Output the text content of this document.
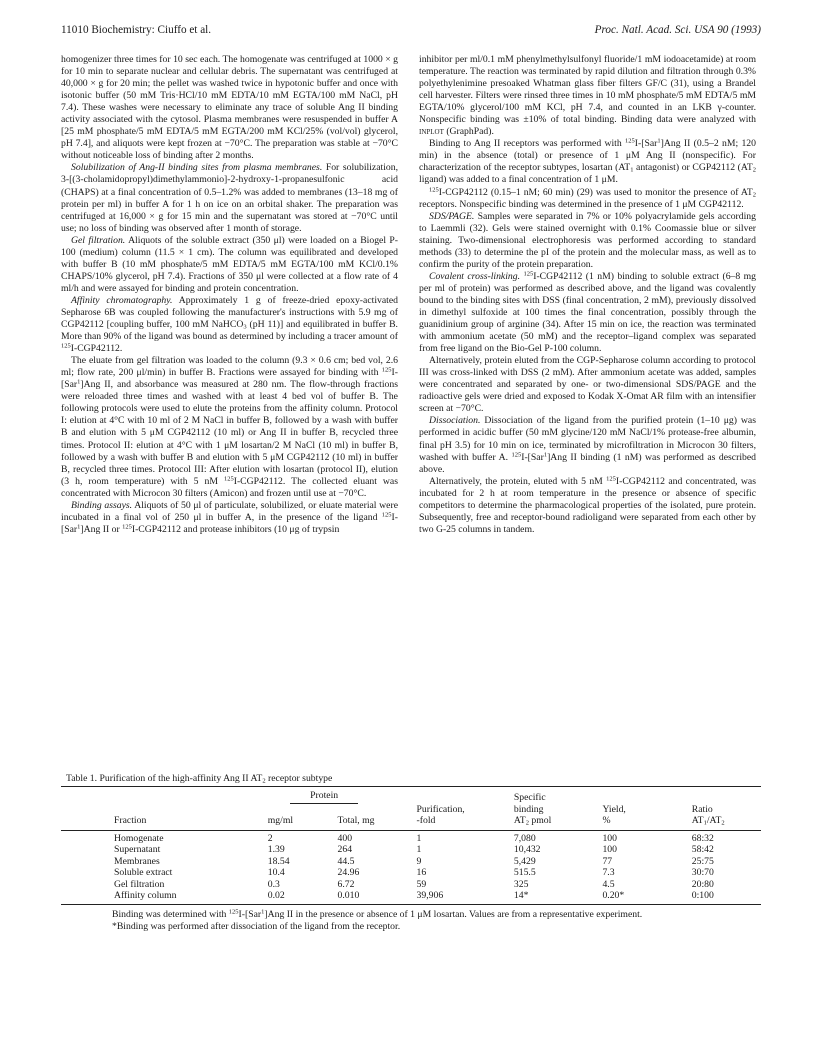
11010 Biochemistry: Ciuffo et al.	Proc. Natl. Acad. Sci. USA 90 (1993)

homogenizer three times for 10 sec each. The homogenate was centrifuged at 1000 × g for 10 min to separate nuclear and cellular debris. The supernatant was centrifuged at 40,000 × g for 20 min; the pellet was washed twice in hypotonic buffer and once with isotonic buffer (50 mM Tris·HCl/10 mM EDTA/10 mM EGTA/100 mM NaCl, pH 7.4). These washes were necessary to eliminate any trace of soluble Ang II binding activity associated with the cytosol. Plasma membranes were resuspended in buffer A [25 mM phosphate/5 mM EDTA/5 mM EGTA/200 mM KCl/25% (vol/vol) glycerol, pH 7.4], and aliquots were kept frozen at −70°C. The preparation was stable at −70°C without noticeable loss of binding after 2 months.

Solubilization of Ang-II binding sites from plasma membranes. For solubilization, 3-[(3-cholamidopropyl)dimethylammonio]-2-hydroxy-1-propanesulfonic acid (CHAPS) at a final concentration of 0.5–1.2% was added to membranes (13–18 mg of protein per ml) in buffer A for 1 h on ice on an orbital shaker. The preparation was centrifuged at 16,000 × g for 15 min and the supernatant was stored at −70°C until use; no loss of binding was observed after 1 month of storage.

Gel filtration. Aliquots of the soluble extract (350 μl) were loaded on a Biogel P-100 (medium) column (11.5 × 1 cm). The column was equilibrated and developed with buffer B (10 mM phosphate/5 mM EDTA/5 mM EGTA/100 mM KCl/0.1% CHAPS/10% glycerol, pH 7.4). Fractions of 350 μl were collected at a flow rate of 4 ml/h and were assayed for binding and protein concentration.

Affinity chromatography. Approximately 1 g of freeze-dried epoxy-activated Sepharose 6B was coupled following the manufacturer's instructions with 5.9 mg of CGP42112 [coupling buffer, 100 mM NaHCO$_3$ (pH 11)] and equilibrated in buffer B. More than 90% of the ligand was bound as determined by including a tracer amount of $^{125}$I-CGP42112.

The eluate from gel filtration was loaded to the column (9.3 × 0.6 cm; bed vol, 2.6 ml; flow rate, 200 μl/min) in buffer B. Fractions were assayed for binding with $^{125}$I-[Sar$^1$]Ang II, and absorbance was measured at 280 nm. The flow-through fractions were reloaded three times and washed with at least 4 bed vol of buffer B. The following protocols were used to elute the proteins from the affinity column. Protocol I: elution at 4°C with 10 ml of 2 M NaCl in buffer B, followed by a wash with buffer B and elution with 5 μM CGP42112 (10 ml) or Ang II in buffer B, recycled three times. Protocol II: elution at 4°C with 1 μM losartan/2 M NaCl (10 ml) in buffer B, followed by a wash with buffer B and elution with 5 μM CGP42112 (10 ml) in buffer B, recycled three times. Protocol III: After elution with losartan (protocol II), elution (3 h, room temperature) with 5 nM $^{125}$I-CGP42112. The collected eluant was concentrated with Microcon 30 filters (Amicon) and frozen until use at −70°C.

Binding assays. Aliquots of 50 μl of particulate, solubilized, or eluate material were incubated in a final vol of 250 μl in buffer A, in the presence of the ligand $^{125}$I-[Sar$^1$]Ang II or $^{125}$I-CGP42112 and protease inhibitors (10 μg of trypsin

inhibitor per ml/0.1 mM phenylmethylsulfonyl fluoride/1 mM iodoacetamide) at room temperature. The reaction was terminated by rapid dilution and filtration through 0.3% polyethylenimine presoaked Whatman glass fiber filters GF/C (31), using a Brandel cell harvester. Filters were rinsed three times in 10 mM phosphate/5 mM EDTA/5 mM EGTA/10% glycerol/100 mM KCl, pH 7.4, and counted in an LKB γ-counter. Nonspecific binding was ±10% of total binding. Binding data were analyzed with inplot (GraphPad).

Binding to Ang II receptors was performed with $^{125}$I-[Sar$^1$]Ang II (0.5–2 nM; 120 min) in the absence (total) or presence of 1 μM Ang II (nonspecific). For characterization of the receptor subtypes, losartan ($AT_1$ antagonist) or CGP42112 ($AT_2$ ligand) was added to a final concentration of 1 μM.

$^{125}$I-CGP42112 (0.15–1 nM; 60 min) (29) was used to monitor the presence of $AT_2$ receptors. Nonspecific binding was determined in the presence of 1 μM CGP42112.

SDS/PAGE. Samples were separated in 7% or 10% polyacrylamide gels according to Laemmli (32). Gels were stained overnight with 0.1% Coomassie blue or silver staining. Two-dimensional electrophoresis was performed according to standard methods (33) to determine the pI of the protein and the molecular mass, as well as to confirm the purity of the protein preparation.

Covalent cross-linking. $^{125}$I-CGP42112 (1 nM) binding to soluble extract (6–8 mg per ml of protein) was performed as described above, and the ligand was covalently bound to the binding sites with DSS (final concentration, 2 mM), previously dissolved in dimethyl sulfoxide at 100 times the final concentration, possibly through the guanidinium group of arginine (34). After 15 min on ice, the reaction was terminated with ammonium acetate (50 mM) and the receptor–ligand complex was separated from free ligand on the Bio-Gel P-100 column.

Alternatively, protein eluted from the CGP-Sepharose column according to protocol III was cross-linked with DSS (2 mM). After ammonium acetate was added, samples were concentrated and separated by one- or two-dimensional SDS/PAGE and the radioactive gels were dried and exposed to Kodak X-Omat AR film with an intensifier screen at −70°C.

Dissociation. Dissociation of the ligand from the purified protein (1–10 μg) was performed in acidic buffer (50 mM glycine/120 mM NaCl/1% protease-free albumin, final pH 3.5) for 10 min on ice, terminated by microfiltration in Microcon 30 filters, washed with buffer A. $^{125}$I-[Sar$^1$]Ang II binding (1 nM) was performed as described above.

Alternatively, the protein, eluted with 5 nM $^{125}$I-CGP42112 and concentrated, was incubated for 2 h at room temperature in the presence or absence of specific competitors to determine the pharmacological properties of the isolated, pure protein. Subsequently, free and receptor-bound radioligand were separated from each other by two G-25 columns in tandem.

Table 1. Purification of the high-affinity Ang II $AT_2$ receptor subtype
	Protein			Specific		
			Purification,	binding	Yield,	Ratio
Fraction	mg/ml	Total, mg	-fold	$AT_2$ pmol	%	$AT_1/AT_2$

Homogenate	2	400	1	7,080	100	68:32
Supernatant	1.39	264	1	10,432	100	58:42
Membranes	18.54	44.5	9	5,429	77	25:75
Soluble extract	10.4	24.96	16	515.5	7.3	30:70
Gel filtration	0.3	6.72	59	325	4.5	20:80
Affinity column	0.02	0.010	39,906	14*	0.20*	0:100

Binding was determined with $^{125}$I-[Sar$^1$]Ang II in the presence or absence of 1 μM losartan. Values are from a representative experiment.

*Binding was performed after dissociation of the ligand from the receptor.
